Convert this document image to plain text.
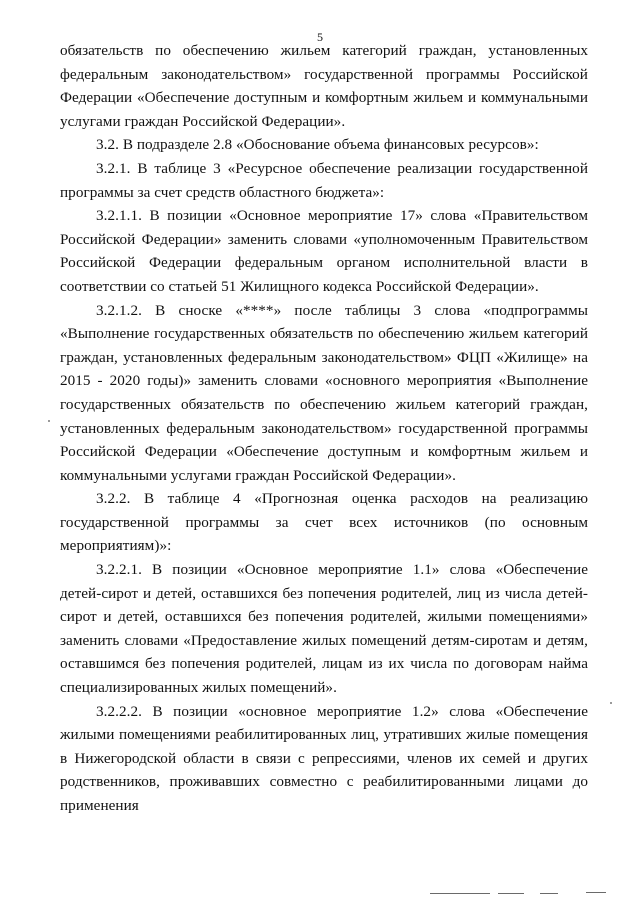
5

обязательств по обеспечению жильем категорий граждан, установленных федеральным законодательством» государственной программы Российской Федерации «Обеспечение доступным и комфортным жильем и коммунальными услугами граждан Российской Федерации».

3.2. В подразделе 2.8 «Обоснование объема финансовых ресурсов»:

3.2.1. В таблице 3 «Ресурсное обеспечение реализации государственной программы за счет средств областного бюджета»:

3.2.1.1. В позиции «Основное мероприятие 17» слова «Правительством Российской Федерации» заменить словами «уполномоченным Правительством Российской Федерации федеральным органом исполнительной власти в соответствии со статьей 51 Жилищного кодекса Российской Федерации».

3.2.1.2. В сноске «****» после таблицы 3 слова «подпрограммы «Выполнение государственных обязательств по обеспечению жильем категорий граждан, установленных федеральным законодательством» ФЦП «Жилище» на 2015 - 2020 годы)» заменить словами «основного мероприятия «Выполнение государственных обязательств по обеспечению жильем категорий граждан, установленных федеральным законодательством» государственной программы Российской Федерации «Обеспечение доступным и комфортным жильем и коммунальными услугами граждан Российской Федерации».

3.2.2. В таблице 4 «Прогнозная оценка расходов на реализацию государственной программы за счет всех источников (по основным мероприятиям)»:

3.2.2.1. В позиции «Основное мероприятие 1.1» слова «Обеспечение детей-сирот и детей, оставшихся без попечения родителей, лиц из числа детей-сирот и детей, оставшихся без попечения родителей, жилыми помещениями» заменить словами «Предоставление жилых помещений детям-сиротам и детям, оставшимся без попечения родителей, лицам из их числа по договорам найма специализированных жилых помещений».

3.2.2.2. В позиции «основное мероприятие 1.2» слова «Обеспечение жилыми помещениями реабилитированных лиц, утративших жилые помещения в Нижегородской области в связи с репрессиями, членов их семей и других родственников, проживавших совместно с реабилитированными лицами до применения
